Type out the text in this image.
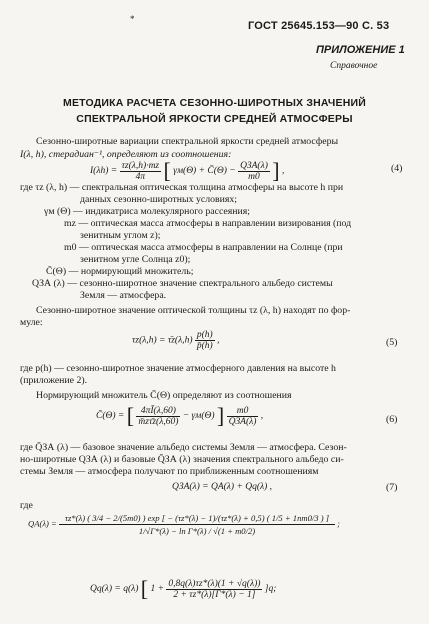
*
ГОСТ 25645.153—90 С. 53
ПРИЛОЖЕНИЕ 1
Справочное
МЕТОДИКА РАСЧЕТА СЕЗОННО-ШИРОТНЫХ ЗНАЧЕНИЙ
СПЕКТРАЛЬНОЙ ЯРКОСТИ СРЕДНЕЙ АТМОСФЕРЫ
Сезонно-широтные вариации спектральной яркости средней атмосферы
I(λ, h), стерадиан⁻¹, определяют из соотношения:
$I(\lambda h) = \frac{\tau z(\lambda,h)\cdot mz}{4\pi}$ [ γм(Θ) + C̄(Θ) − $\frac{\text{QЗА(λ)}}{m0}$ ] ,	(4)
где τz (λ, h) — спектральная оптическая толщина атмосферы на высоте h при
данных сезонно-широтных условиях;
γм (Θ) — индикатриса молекулярного рассеяния;
mz — оптическая масса атмосферы в направлении визирования (под
зенитным углом z);
m0 — оптическая масса атмосферы в направлении на Солнце (при
зенитном угле Солнца z0);
C̄(Θ) — нормирующий множитель;
QЗА (λ) — сезонно-широтное значение спектрального альбедо системы
Земля — атмосфера.
Сезонно-широтное значение оптической толщины τz (λ, h) находят по фор-
муле:
τz(λ,h) = τ̄z(λ,h) $\frac{p(h)}{p̄(h)}$ ,	(5)
где p(h) — сезонно-широтное значение атмосферного давления на высоте h
(приложение 2).
Нормирующий множитель C̄(Θ) определяют из соотношения
C̄(Θ) = [ $\frac{4\pi Ī(\lambda,60)}{m̄z\taūz(\lambda,60)} - \gamma м(\Theta)$ ] $\frac{m0}{Q̄ЗА(\lambda)}$ ,	(6)
где Q̄ЗА (λ) — базовое значение альбедо системы Земля — атмосфера. Сезон-
но-широтные QЗА (λ) и базовые Q̄ЗА (λ) значения спектрального альбедо си-
стемы Земля — атмосфера получают по приближенным соотношениям
QЗА(λ) = QA(λ) + Qq(λ) ,	(7)
где
QA(λ) =
τz*(λ) ( 3/4 − 2/(5m0) ) exp [ − (τz*(λ) − 1)/(τz*(λ) + 0,5) ( 1/5 + 1nm0/3 ) ]
1/√Γ*(λ) − ln Γ*(λ) / √(1 + m0/2)
;
Qq(λ) = q(λ) [ $1 + \frac{0,8q(\lambda)\tau z*(\lambda)(1 + √q(\lambda))}{2 + \tau z*(\lambda)[\Gamma*(\lambda) - 1]} ]q$;
